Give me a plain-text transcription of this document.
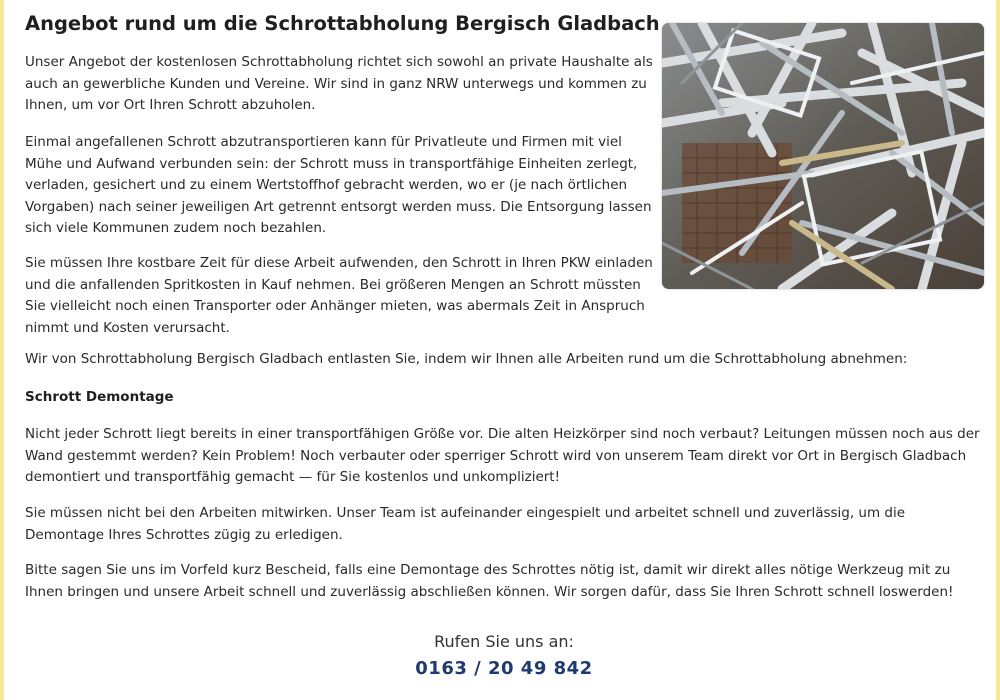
Angebot rund um die Schrottabholung Bergisch Gladbach

Unser Angebot der kostenlosen Schrottabholung richtet sich sowohl an private Haushalte als auch an gewerbliche Kunden und Vereine. Wir sind in ganz NRW unterwegs und kommen zu Ihnen, um vor Ort Ihren Schrott abzuholen.

Einmal angefallenen Schrott abzutransportieren kann für Privatleute und Firmen mit viel Mühe und Aufwand verbunden sein: der Schrott muss in transportfähige Einheiten zerlegt, verladen, gesichert und zu einem Wertstoffhof gebracht werden, wo er (je nach örtlichen Vorgaben) nach seiner jeweiligen Art getrennt entsorgt werden muss. Die Entsorgung lassen sich viele Kommunen zudem noch bezahlen.

Sie müssen Ihre kostbare Zeit für diese Arbeit aufwenden, den Schrott in Ihren PKW einladen und die anfallenden Spritkosten in Kauf nehmen. Bei größeren Mengen an Schrott müssten Sie vielleicht noch einen Transporter oder Anhänger mieten, was abermals Zeit in Anspruch nimmt und Kosten verursacht.

Wir von Schrottabholung Bergisch Gladbach entlasten Sie, indem wir Ihnen alle Arbeiten rund um die Schrottabholung abnehmen:

Schrott Demontage

Nicht jeder Schrott liegt bereits in einer transportfähigen Größe vor. Die alten Heizkörper sind noch verbaut? Leitungen müssen noch aus der Wand gestemmt werden? Kein Problem! Noch verbauter oder sperriger Schrott wird von unserem Team direkt vor Ort in Bergisch Gladbach demontiert und transportfähig gemacht — für Sie kostenlos und unkompliziert!

Sie müssen nicht bei den Arbeiten mitwirken. Unser Team ist aufeinander eingespielt und arbeitet schnell und zuverlässig, um die Demontage Ihres Schrottes zügig zu erledigen.

Bitte sagen Sie uns im Vorfeld kurz Bescheid, falls eine Demontage des Schrottes nötig ist, damit wir direkt alles nötige Werkzeug mit zu Ihnen bringen und unsere Arbeit schnell und zuverlässig abschließen können. Wir sorgen dafür, dass Sie Ihren Schrott schnell loswerden!

Rufen Sie uns an:
0163 / 20 49 842
